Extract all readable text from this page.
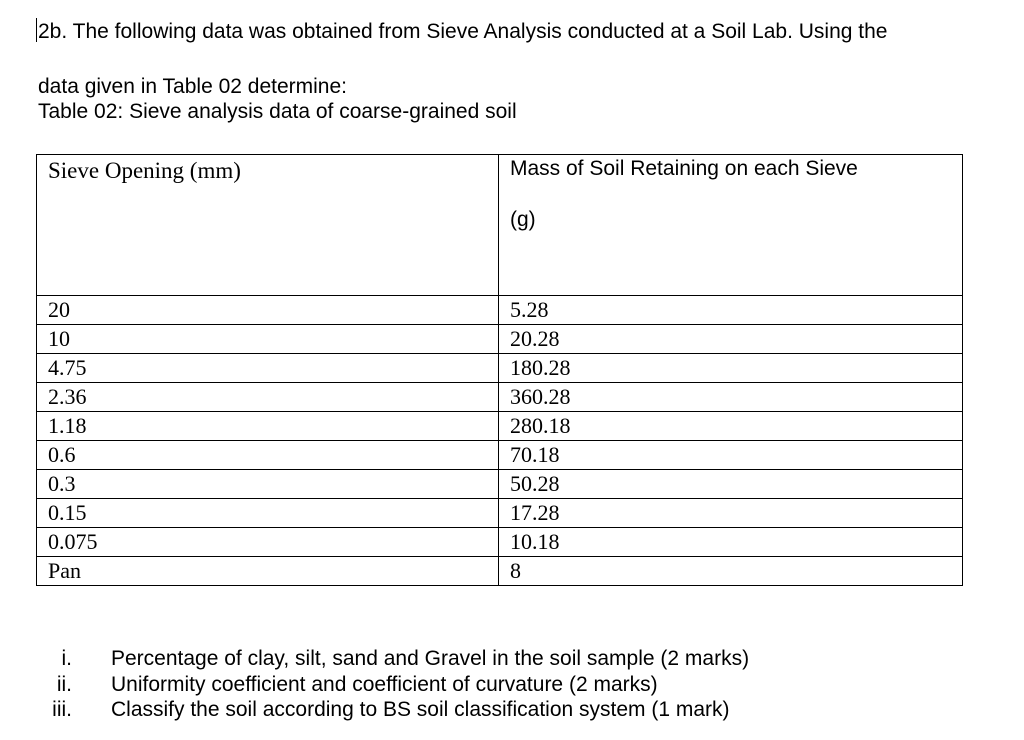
2b. The following data was obtained from Sieve Analysis conducted at a Soil Lab. Using the
data given in Table 02 determine:
Table 02: Sieve analysis data of coarse-grained soil
Sieve Opening (mm)	Mass of Soil Retaining on each Sieve
(g)

20	5.28
10	20.28
4.75	180.28
2.36	360.28
1.18	280.18
0.6	70.18
0.3	50.28
0.15	17.28
0.075	10.18
Pan	8
i. Percentage of clay, silt, sand and Gravel in the soil sample (2 marks)
ii. Uniformity coefficient and coefficient of curvature (2 marks)
iii. Classify the soil according to BS soil classification system (1 mark)
